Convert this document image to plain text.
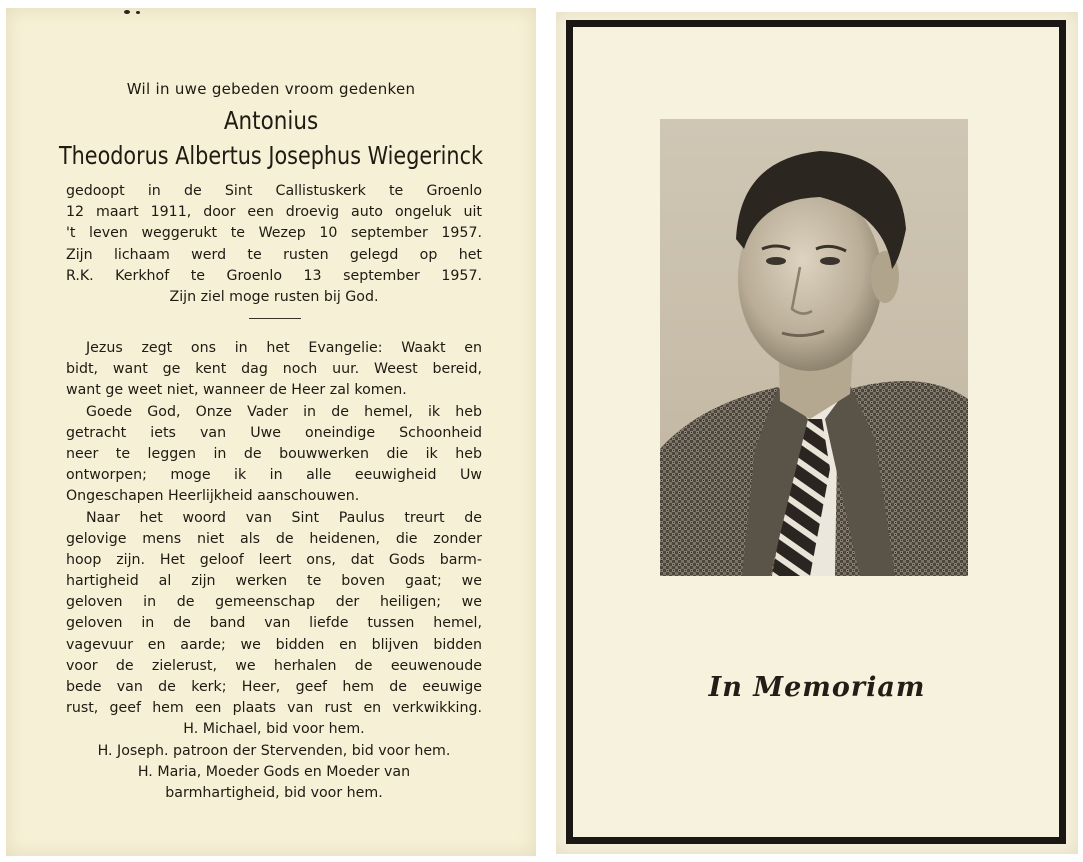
Wil in uwe gebeden vroom gedenken
Antonius
Theodorus Albertus Josephus Wiegerinck
gedoopt in de Sint Callistuskerk te Groenlo
12 maart 1911, door een droevig auto ongeluk uit
't leven weggerukt te Wezep 10 september 1957.
Zijn lichaam werd te rusten gelegd op het
R.K. Kerkhof te Groenlo 13 september 1957.
Zijn ziel moge rusten bij God.
Jezus zegt ons in het Evangelie: Waakt en
bidt, want ge kent dag noch uur. Weest bereid,
want ge weet niet, wanneer de Heer zal komen.
Goede God, Onze Vader in de hemel, ik heb
getracht iets van Uwe oneindige Schoonheid
neer te leggen in de bouwwerken die ik heb
ontworpen; moge ik in alle eeuwigheid Uw
Ongeschapen Heerlijkheid aanschouwen.
Naar het woord van Sint Paulus treurt de
gelovige mens niet als de heidenen, die zonder
hoop zijn. Het geloof leert ons, dat Gods barm-
hartigheid al zijn werken te boven gaat; we
geloven in de gemeenschap der heiligen; we
geloven in de band van liefde tussen hemel,
vagevuur en aarde; we bidden en blijven bidden
voor de zielerust, we herhalen de eeuwenoude
bede van de kerk; Heer, geef hem de eeuwige
rust, geef hem een plaats van rust en verkwikking.
H. Michael, bid voor hem.
H. Joseph. patroon der Stervenden, bid voor hem.
H. Maria, Moeder Gods en Moeder van
barmhartigheid, bid voor hem.
In Memoriam
